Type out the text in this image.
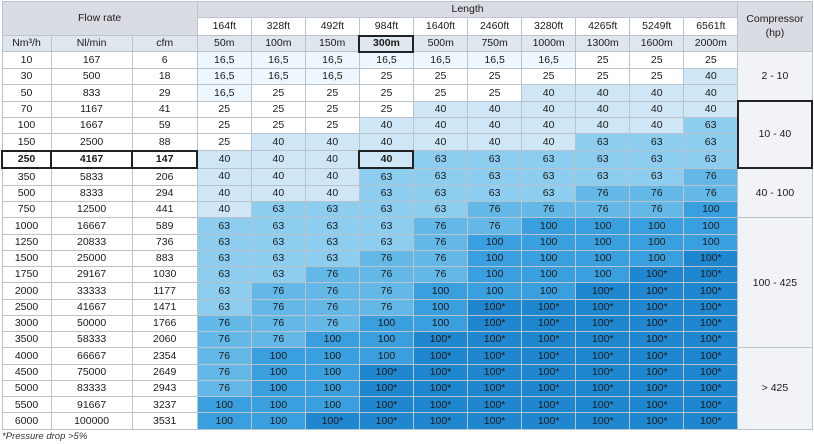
Flow rate			Length										Compressor
(hp)
			164ft	328ft	492ft	984ft	1640ft	2460ft	3280ft	4265ft	5249ft	6561ft	
Nm³/h	Nl/min	cfm	50m	100m	150m	300m	500m	750m	1000m	1300m	1600m	2000m	
10	167	6	16,5	16,5	16,5	16,5	16,5	16,5	16,5	25	25	25	2 - 10
30	500	18	16,5	16,5	16,5	25	25	25	25	25	25	40	
50	833	29	16,5	25	25	25	25	25	40	40	40	40	
70	1167	41	25	25	25	25	40	40	40	40	40	40	10 - 40
100	1667	59	25	25	25	40	40	40	40	40	40	63	
150	2500	88	25	40	40	40	40	40	40	63	63	63	
250	4167	147	40	40	40	40	63	63	63	63	63	63	
350	5833	206	40	40	40	63	63	63	63	63	63	76	40 - 100
500	8333	294	40	40	40	63	63	63	63	76	76	76	
750	12500	441	40	63	63	63	63	76	76	76	76	100	
1000	16667	589	63	63	63	63	76	76	100	100	100	100	100 - 425
1250	20833	736	63	63	63	63	76	100	100	100	100	100	
1500	25000	883	63	63	63	76	76	100	100	100	100	100*	
1750	29167	1030	63	63	76	76	76	100	100	100	100*	100*	
2000	33333	1177	63	76	76	76	100	100	100	100*	100*	100*	
2500	41667	1471	63	76	76	76	100	100*	100*	100*	100*	100*	
3000	50000	1766	76	76	76	100	100	100*	100*	100*	100*	100*	
3500	58333	2060	76	76	100	100	100*	100*	100*	100*	100*	100*	
4000	66667	2354	76	100	100	100	100*	100*	100*	100*	100*	100*	> 425
4500	75000	2649	76	100	100	100*	100*	100*	100*	100*	100*	100*	
5000	83333	2943	76	100	100	100*	100*	100*	100*	100*	100*	100*	
5500	91667	3237	100	100	100	100*	100*	100*	100*	100*	100*	100*	
6000	100000	3531	100	100	100*	100*	100*	100*	100*	100*	100*	100*	
*Pressure drop >5%
